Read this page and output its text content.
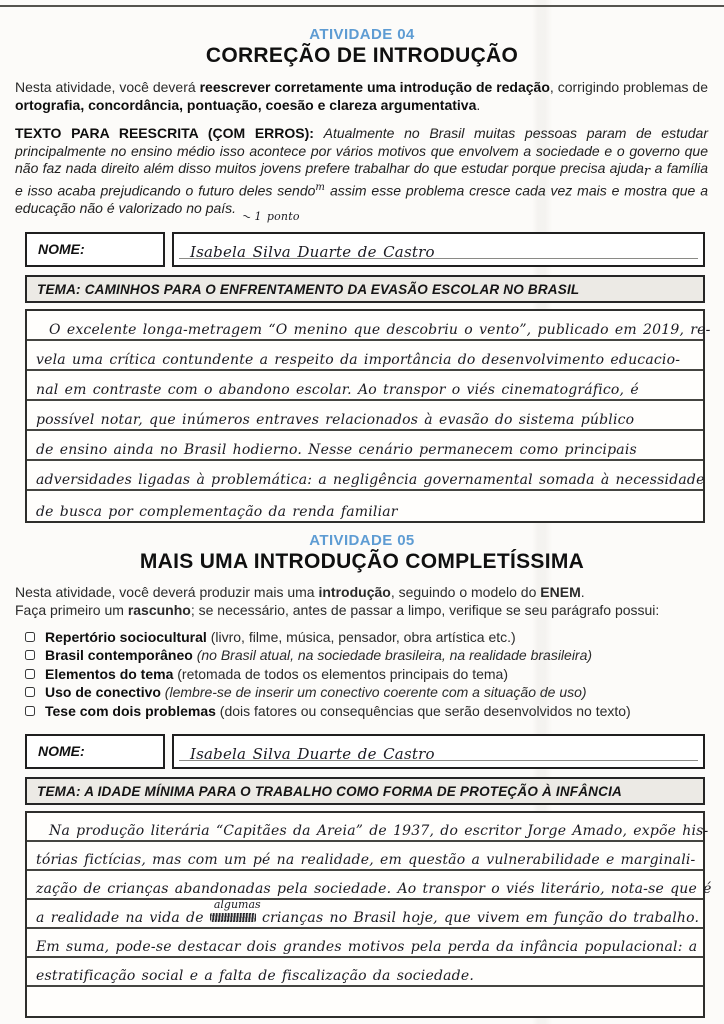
ATIVIDADE 04
CORREÇÃO DE INTRODUÇÃO

Nesta atividade, você deverá reescrever corretamente uma introdução de redação, corrigindo problemas de ortografia, concordância, pontuação, coesão e clareza argumentativa.

TEXTO PARA REESCRITA (ÇOM ERROS): Atualmente no Brasil muitas pessoas param de estudar principalmente no ensino médio isso acontece por vários motivos que envolvem a sociedade e o governo que não faz nada direito além disso muitos jovens prefere trabalhar do que estudar porque precisa ajudar a família e isso acaba prejudicando o futuro deles sendo$^m$ assim esse problema cresce cada vez mais e mostra que a educação não é valorizado no país.~1 ponto

NOME:	Isabela Silva Duarte de Castro
TEMA: CAMINHOS PARA O ENFRENTAMENTO DA EVASÃO ESCOLAR NO BRASIL
O excelente longa-metragem “O menino que descobriu o vento”, publicado em 2019, re-
vela uma crítica contundente a respeito da importância do desenvolvimento educacio-
nal em contraste com o abandono escolar. Ao transpor o viés cinematográfico, é
possível notar, que inúmeros entraves relacionados à evasão do sistema público
de ensino ainda no Brasil hodierno. Nesse cenário permanecem como principais
adversidades ligadas à problemática: a negligência governamental somada à necessidade
de busca por complementação da renda familiar
ATIVIDADE 05
MAIS UMA INTRODUÇÃO COMPLETÍSSIMA

Nesta atividade, você deverá produzir mais uma introdução, seguindo o modelo do ENEM.
Faça primeiro um rascunho; se necessário, antes de passar a limpo, verifique se seu parágrafo possui:

Repertório sociocultural (livro, filme, música, pensador, obra artística etc.)
Brasil contemporâneo (no Brasil atual, na sociedade brasileira, na realidade brasileira)
Elementos do tema (retomada de todos os elementos principais do tema)
Uso de conectivo (lembre-se de inserir um conectivo coerente com a situação de uso)
Tese com dois problemas (dois fatores ou consequências que serão desenvolvidos no texto)
NOME:	Isabela Silva Duarte de Castro
TEMA: A IDADE MÍNIMA PARA O TRABALHO COMO FORMA DE PROTEÇÃO À INFÂNCIA
Na produção literária “Capitães da Areia” de 1937, do escritor Jorge Amado, expõe his-
tórias fictícias, mas com um pé na realidade, em questão a vulnerabilidade e marginali-
zação de crianças abandonadas pela sociedade. Ao transpor o viés literário, nota-se que é
a realidade na vida de
algumas
crianças no Brasil hoje, que vivem em função do trabalho.
Em suma, pode-se destacar dois grandes motivos pela perda da infância populacional: a
estratificação social e a falta de fiscalização da sociedade.
